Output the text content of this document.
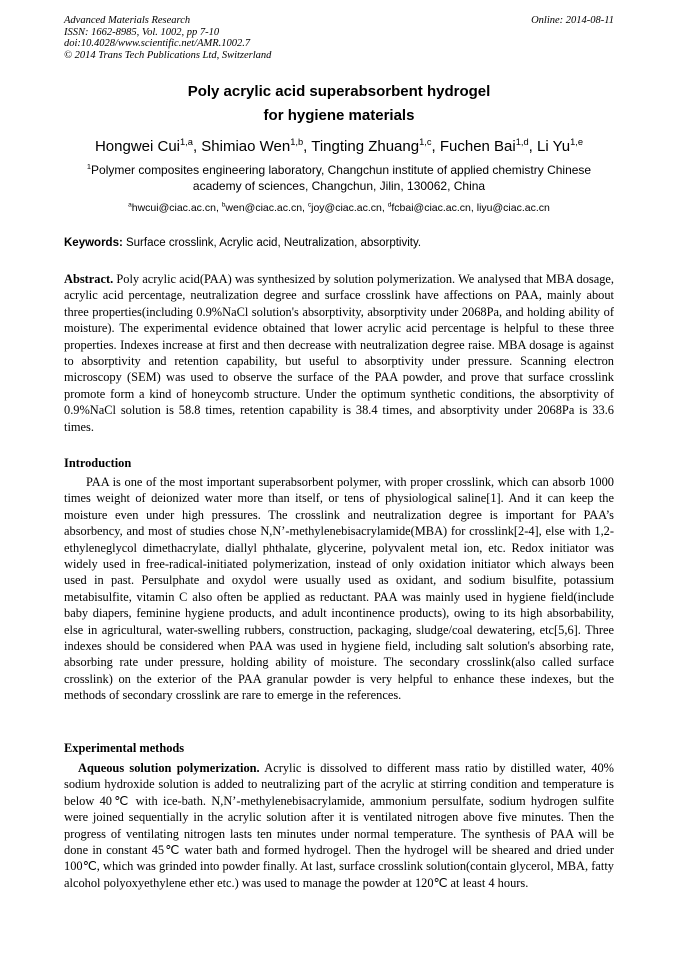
Advanced Materials Research
ISSN: 1662-8985, Vol. 1002, pp 7-10
doi:10.4028/www.scientific.net/AMR.1002.7
© 2014 Trans Tech Publications Ltd, Switzerland
Online: 2014-08-11
Poly acrylic acid superabsorbent hydrogel
for hygiene materials
Hongwei Cui$^{1,a}$, Shimiao Wen$^{1,b}$, Tingting Zhuang$^{1,c}$, Fuchen Bai$^{1,d}$, Li Yu$^{1,e}$
$^1$Polymer composites engineering laboratory, Changchun institute of applied chemistry Chinese academy of sciences, Changchun, Jilin, 130062, China
$^a$hwcui@ciac.ac.cn, $^b$wen@ciac.ac.cn, $^c$joy@ciac.ac.cn, $^d$fcbai@ciac.ac.cn, liyu@ciac.ac.cn
Keywords: Surface crosslink, Acrylic acid, Neutralization, absorptivity.
Abstract. Poly acrylic acid(PAA) was synthesized by solution polymerization. We analysed that MBA dosage, acrylic acid percentage, neutralization degree and surface crosslink have affections on PAA, mainly about three properties(including 0.9%NaCl solution's absorptivity, absorptivity under 2068Pa, and holding ability of moisture). The experimental evidence obtained that lower acrylic acid percentage is helpful to these three properties. Indexes increase at first and then decrease with neutralization degree raise. MBA dosage is against to absorptivity and retention capability, but useful to absorptivity under pressure. Scanning electron microscopy (SEM) was used to observe the surface of the PAA powder, and prove that surface crosslink promote form a kind of honeycomb structure. Under the optimum synthetic conditions, the absorptivity of 0.9%NaCl solution is 58.8 times, retention capability is 38.4 times, and absorptivity under 2068Pa is 33.6 times.
Introduction
PAA is one of the most important superabsorbent polymer, with proper crosslink, which can absorb 1000 times weight of deionized water more than itself, or tens of physiological saline[1]. And it can keep the moisture even under high pressures. The crosslink and neutralization degree is important for PAA’s absorbency, and most of studies chose N,N’-methylenebisacrylamide(MBA) for crosslink[2-4], else with 1,2-ethyleneglycol dimethacrylate, diallyl phthalate, glycerine, polyvalent metal ion, etc. Redox initiator was widely used in free-radical-initiated polymerization, instead of only oxidation initiator which always been used in past. Persulphate and oxydol were usually used as oxidant, and sodium bisulfite, potassium metabisulfite, vitamin C also often be applied as reductant. PAA was mainly used in hygiene field(include baby diapers, feminine hygiene products, and adult incontinence products), owing to its high absorbability, else in agricultural, water-swelling rubbers, construction, packaging, sludge/coal dewatering, etc[5,6]. Three indexes should be considered when PAA was used in hygiene field, including salt solution's absorbing rate, absorbing rate under pressure, holding ability of moisture. The secondary crosslink(also called surface crosslink) on the exterior of the PAA granular powder is very helpful to enhance these indexes, but the methods of secondary crosslink are rare to emerge in the references.
Experimental methods
Aqueous solution polymerization. Acrylic is dissolved to different mass ratio by distilled water, 40% sodium hydroxide solution is added to neutralizing part of the acrylic at stirring condition and temperature is below 40℃ with ice-bath. N,N’-methylenebisacrylamide, ammonium persulfate, sodium hydrogen sulfite were joined sequentially in the acrylic solution after it is ventilated nitrogen above five minutes. Then the progress of ventilating nitrogen lasts ten minutes under normal temperature. The synthesis of PAA will be done in constant 45℃ water bath and formed hydrogel. Then the hydrogel will be sheared and dried under 100℃, which was grinded into powder finally. At last, surface crosslink solution(contain glycerol, MBA, fatty alcohol polyoxyethylene ether etc.) was used to manage the powder at 120℃ at least 4 hours.
